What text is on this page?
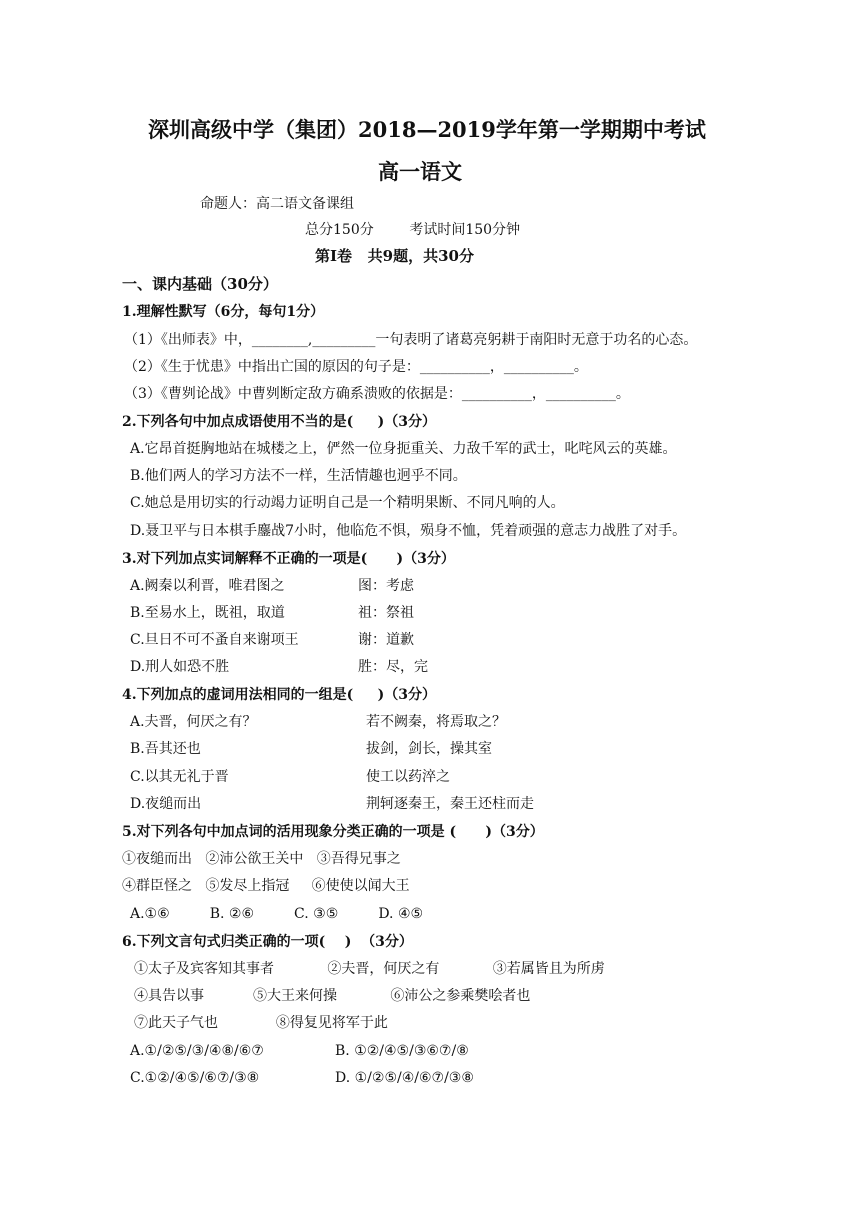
深圳高级中学（集团）2018—2019学年第一学期期中考试
高一语文
命题人：高二语文备课组
总分150分        考试时间150分钟
第Ⅰ卷   共9题，共30分
一、课内基础（30分）
1.理解性默写（6分，每句1分）
（1）《出师表》中，________,_________一句表明了诸葛亮躬耕于南阳时无意于功名的心态。
（2）《生于忧患》中指出亡国的原因的句子是：__________，__________。
（3）《曹刿论战》中曹刿断定敌方确系溃败的依据是：__________，__________。
2.下列各句中加点成语使用不当的是(     )（3分）
A.它昂首挺胸地站在城楼之上，俨然一位身扼重关、力敌千军的武士，叱咤风云的英雄。
B.他们两人的学习方法不一样，生活情趣也迥乎不同。
C.她总是用切实的行动竭力证明自己是一个精明果断、不同凡响的人。
D.聂卫平与日本棋手鏖战7小时，他临危不惧，殒身不恤，凭着顽强的意志力战胜了对手。
3.对下列加点实词解释不正确的一项是(      )（3分）
A.阙秦以利晋，唯君图之	图：考虑
B.至易水上，既祖，取道	祖：祭祖
C.旦日不可不蚤自来谢项王	谢：道歉
D.刑人如恐不胜	胜：尽，完
4.下列加点的虚词用法相同的一组是(     )（3分）
A.夫晋，何厌之有？	若不阙秦，将焉取之？
B.吾其还也	拔剑，剑长，操其室
C.以其无礼于晋	使工以药淬之
D.夜缒而出	荆轲逐秦王，秦王还柱而走
5.对下列各句中加点词的活用现象分类正确的一项是 (      )（3分）
①夜缒而出   ②沛公欲王关中   ③吾得兄事之
④群臣怪之   ⑤发尽上指冠     ⑥使使以闻大王
A.①⑥         B. ②⑥         C. ③⑤         D. ④⑤
6.下列文言句式归类正确的一项(    )  （3分）
①太子及宾客知其事者            ②夫晋，何厌之有            ③若属皆且为所虏
④具告以事           ⑤大王来何操            ⑥沛公之参乘樊哙者也
⑦此天子气也             ⑧得复见将军于此
A.①/②⑤/③/④⑧/⑥⑦	B. ①②/④⑤/③⑥⑦/⑧
C.①②/④⑤/⑥⑦/③⑧	D. ①/②⑤/④/⑥⑦/③⑧
